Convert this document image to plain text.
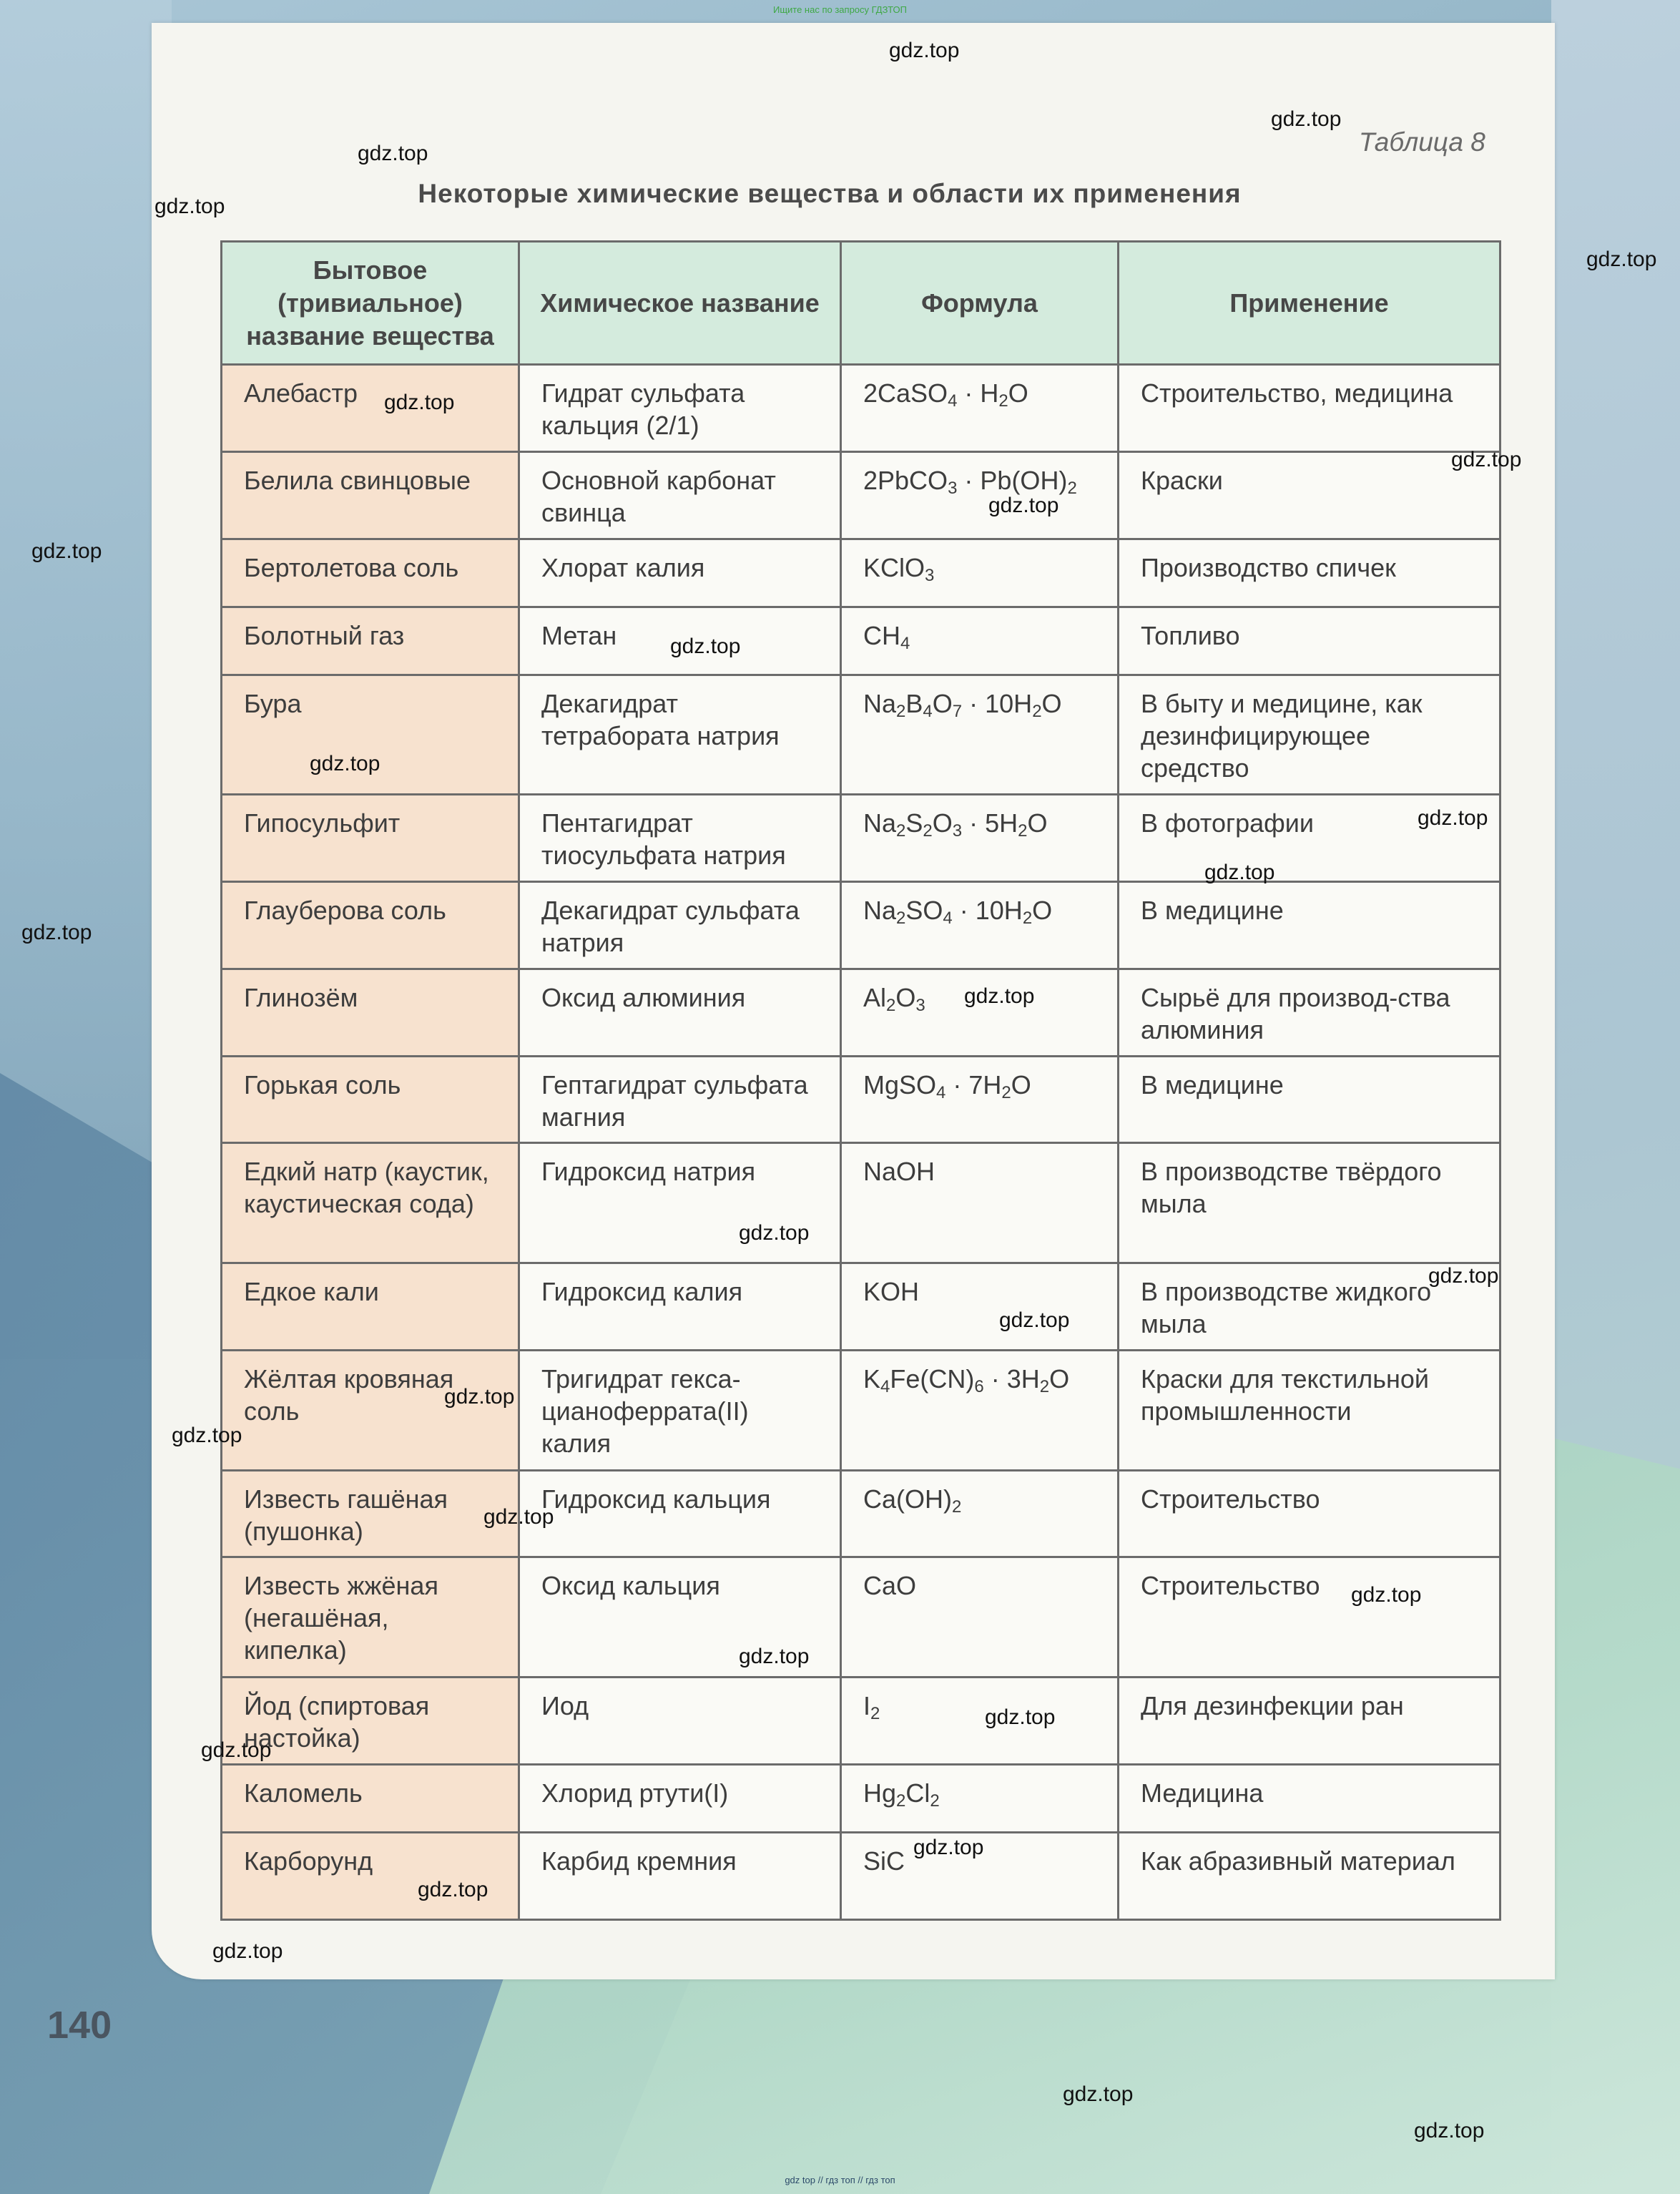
Ищите нас по запросу ГДЗТОП
Таблица 8
Некоторые химические вещества и области их применения
Бытовое (тривиальное) название вещества	Химическое название	Формула	Применение
Алебастр	Гидрат сульфата кальция (2/1)	2CaSO$_4$ · $H_2O$	Строительство, медицина
Белила свинцовые	Основной карбонат свинца	2PbCO$_3$ · $Pb(OH)_2$	Краски
Бертолетова соль	Хлорат калия	KClO$_3$	Производство спичек
Болотный газ	Метан	$CH_4$	Топливо
Бура	Декагидрат тетрабората натрия	$Na_2B_4O_7 \cdot 10H_2O$	В быту и медицине, как дезинфицирующее средство
Гипосульфит	Пентагидрат тиосульфата натрия	$Na_2S_2O_3 \cdot 5H_2O$	В фотографии
Глауберова соль	Декагидрат сульфата натрия	$Na_2SO_4 \cdot 10H_2O$	В медицине
Глинозём	Оксид алюминия	$Al_2O_3$	Сырьё для производ-ства алюминия
Горькая соль	Гептагидрат сульфата магния	MgSO$_4$ · $7H_2O$	В медицине
Едкий натр (каустик, каустическая сода)	Гидроксид натрия	NaOH	В производстве твёрдого мыла
Едкое кали	Гидроксид калия	KOH	В производстве жидкого мыла
Жёлтая кровяная соль	Тригидрат гекса-цианоферрата(II) калия	$K_4Fe(CN)_6 \cdot 3H_2O$	Краски для текстильной промышленности
Известь гашёная (пушонка)	Гидроксид кальция	$Ca(OH)_2$	Строительство
Известь жжёная (негашёная, кипелка)	Оксид кальция	CaO	Строительство
Йод (спиртовая настойка)	Иод	$I_2$	Для дезинфекции ран
Каломель	Хлорид ртути(I)	$Hg_2Cl_2$	Медицина
Карборунд	Карбид кремния	SiC	Как абразивный материал
140
gdz.top
gdz.top
gdz.top
gdz.top
gdz.top
gdz.top
gdz.top
gdz.top
gdz.top
gdz.top
gdz.top
gdz.top
gdz.top
gdz.top
gdz.top
gdz.top
gdz.top
gdz.top
gdz.top
gdz.top
gdz.top
gdz.top
gdz.top
gdz.top
gdz.top
gdz.top
gdz.top
gdz.top
gdz.top
gdz.top
gdz top // гдз топ // гдз топ
